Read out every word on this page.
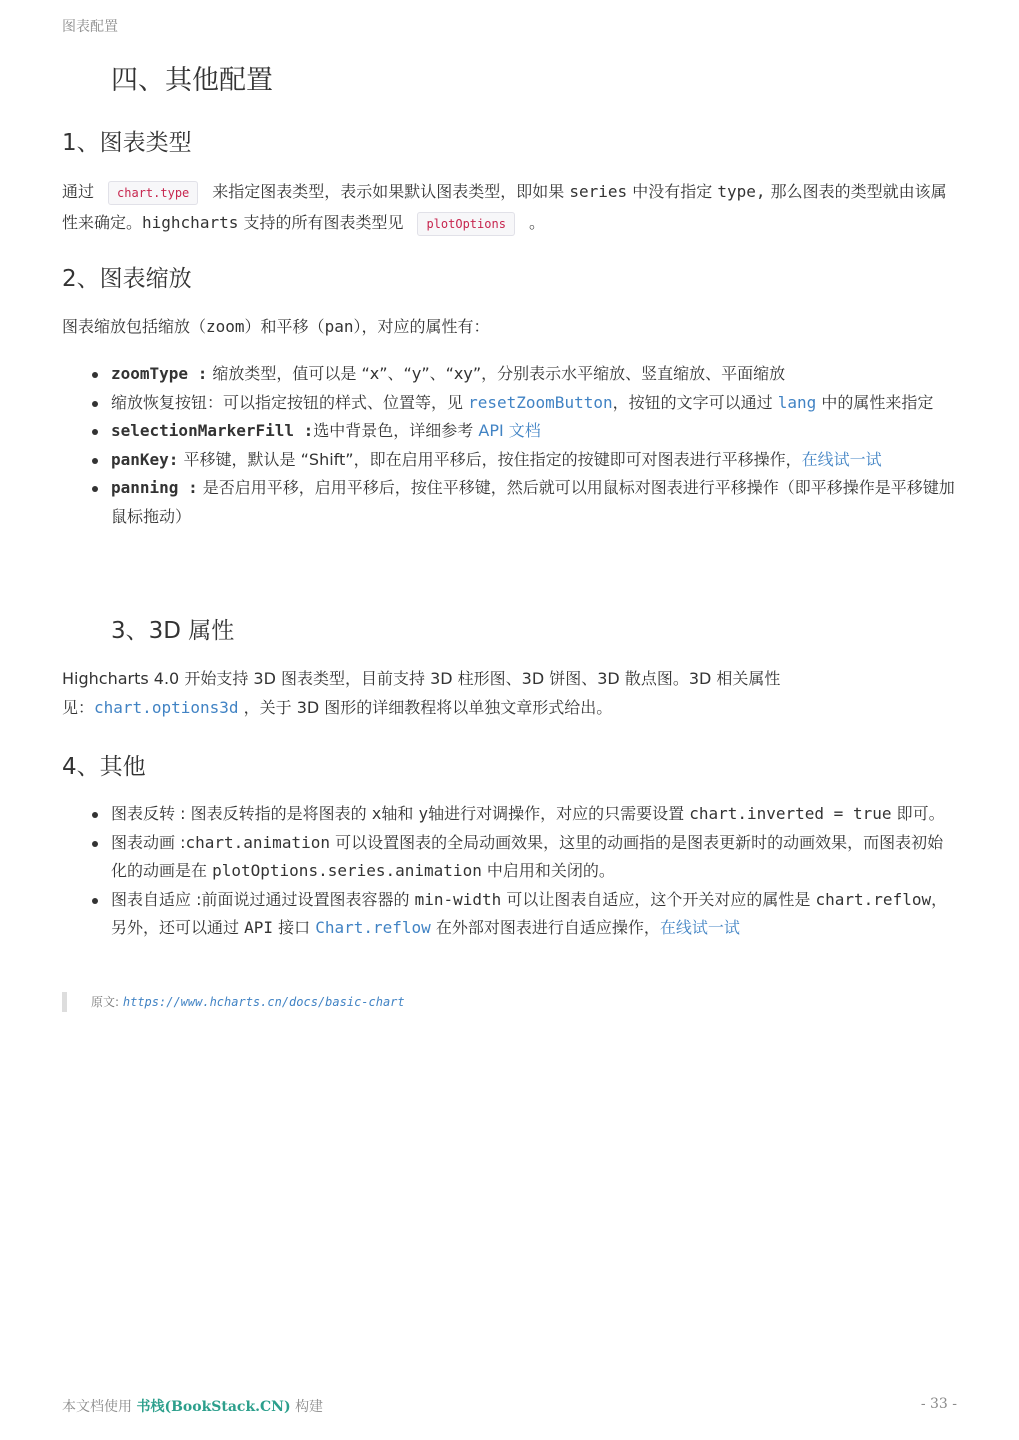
图表配置
四、其他配置
1、图表类型

通过 chart.type 来指定图表类型，表示如果默认图表类型，即如果 series 中没有指定 type, 那么图表的类型就由该属性来确定。highcharts 支持的所有图表类型见 plotOptions 。

2、图表缩放

图表缩放包括缩放（zoom）和平移（pan），对应的属性有：

zoomType : 缩放类型，值可以是 “x”、“y”、“xy”，分别表示水平缩放、竖直缩放、平面缩放
缩放恢复按钮：可以指定按钮的样式、位置等，见 resetZoomButton，按钮的文字可以通过 lang 中的属性来指定
selectionMarkerFill :选中背景色，详细参考 API 文档
panKey: 平移键，默认是 “Shift”，即在启用平移后，按住指定的按键即可对图表进行平移操作，在线试一试
panning : 是否启用平移，启用平移后，按住平移键，然后就可以用鼠标对图表进行平移操作（即平移操作是平移键加鼠标拖动）
3、3D 属性

Highcharts 4.0 开始支持 3D 图表类型，目前支持 3D 柱形图、3D 饼图、3D 散点图。3D 相关属性
见：chart.options3d ，关于 3D 图形的详细教程将以单独文章形式给出。

4、其他
图表反转 : 图表反转指的是将图表的 x轴和 y轴进行对调操作，对应的只需要设置 chart.inverted = true 即可。
图表动画 :chart.animation 可以设置图表的全局动画效果，这里的动画指的是图表更新时的动画效果，而图表初始化的动画是在 plotOptions.series.animation 中启用和关闭的。
图表自适应 :前面说过通过设置图表容器的 min-width 可以让图表自适应，这个开关对应的属性是 chart.reflow，另外，还可以通过 API 接口 Chart.reflow 在外部对图表进行自适应操作，在线试一试
原文: https://www.hcharts.cn/docs/basic-chart
本文档使用 书栈(BookStack.CN) 构建	- 33 -
